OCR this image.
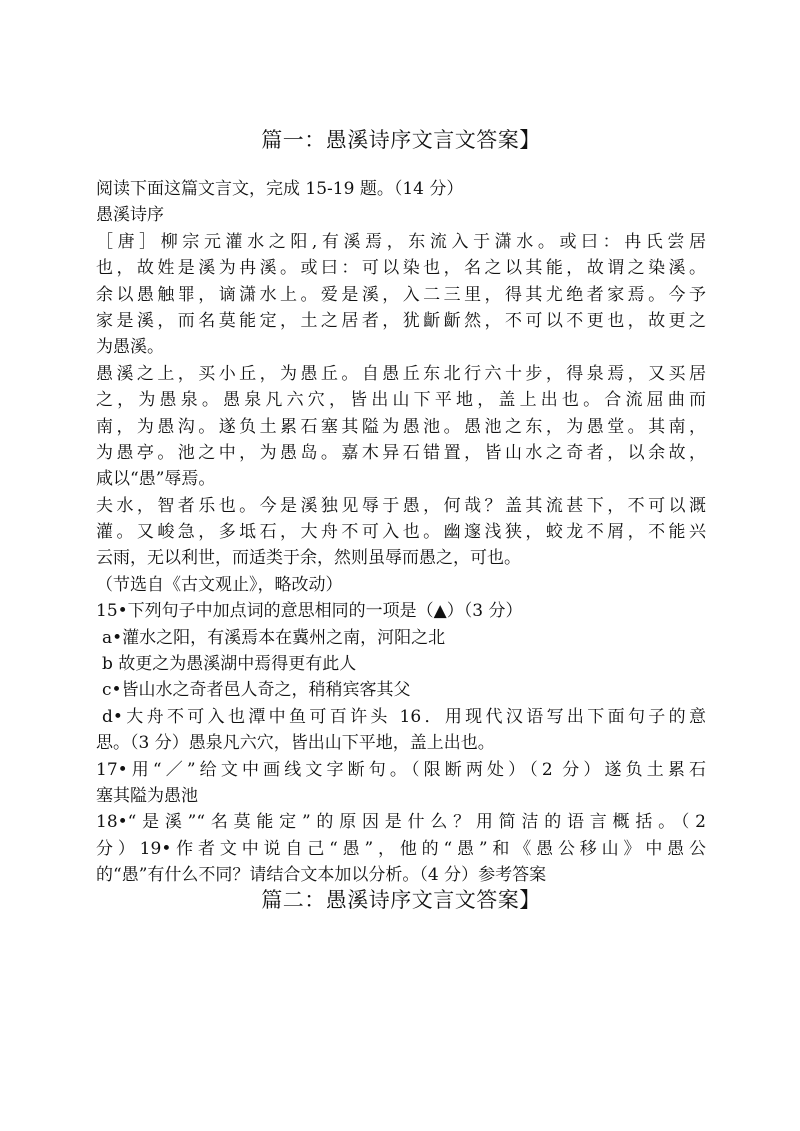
篇一：愚溪诗序文言文答案】
阅读下面这篇文言文，完成 15-19 题。（14 分）
愚溪诗序
［唐］柳宗元灌水之阳,有溪焉，东流入于潇水。或曰：冉氏尝居
也，故姓是溪为冉溪。或曰：可以染也，名之以其能，故谓之染溪。
余以愚触罪，谪潇水上。爱是溪，入二三里，得其尤绝者家焉。今予
家是溪，而名莫能定，土之居者，犹齗齗然，不可以不更也，故更之
为愚溪。
愚溪之上，买小丘，为愚丘。自愚丘东北行六十步，得泉焉，又买居
之，为愚泉。愚泉凡六穴，皆出山下平地，盖上出也。合流屈曲而
南，为愚沟。遂负土累石塞其隘为愚池。愚池之东，为愚堂。其南，
为愚亭。池之中，为愚岛。嘉木异石错置，皆山水之奇者，以余故，
咸以“愚”辱焉。
夫水，智者乐也。今是溪独见辱于愚，何哉？盖其流甚下，不可以溉
灌。又峻急，多坻石，大舟不可入也。幽邃浅狭，蛟龙不屑，不能兴
云雨，无以利世，而适类于余，然则虽辱而愚之，可也。
（节选自《古文观止》，略改动）
15•下列句子中加点词的意思相同的一项是（▲）（3 分）
a•灌水之阳，有溪焉本在冀州之南，河阳之北
b 故更之为愚溪湖中焉得更有此人
c•皆山水之奇者邑人奇之，稍稍宾客其父
d•大舟不可入也潭中鱼可百许头 16．用现代汉语写出下面句子的意
思。（3 分）愚泉凡六穴，皆出山下平地，盖上出也。
17•用“／”给文中画线文字断句。（限断两处）（2 分）遂负土累石
塞其隘为愚池
18•“是溪”“名莫能定”的原因是什么？用简洁的语言概括。（2
分）19•作者文中说自己“愚”，他的“愚”和《愚公移山》中愚公
的“愚”有什么不同？请结合文本加以分析。（4 分）参考答案
篇二：愚溪诗序文言文答案】
